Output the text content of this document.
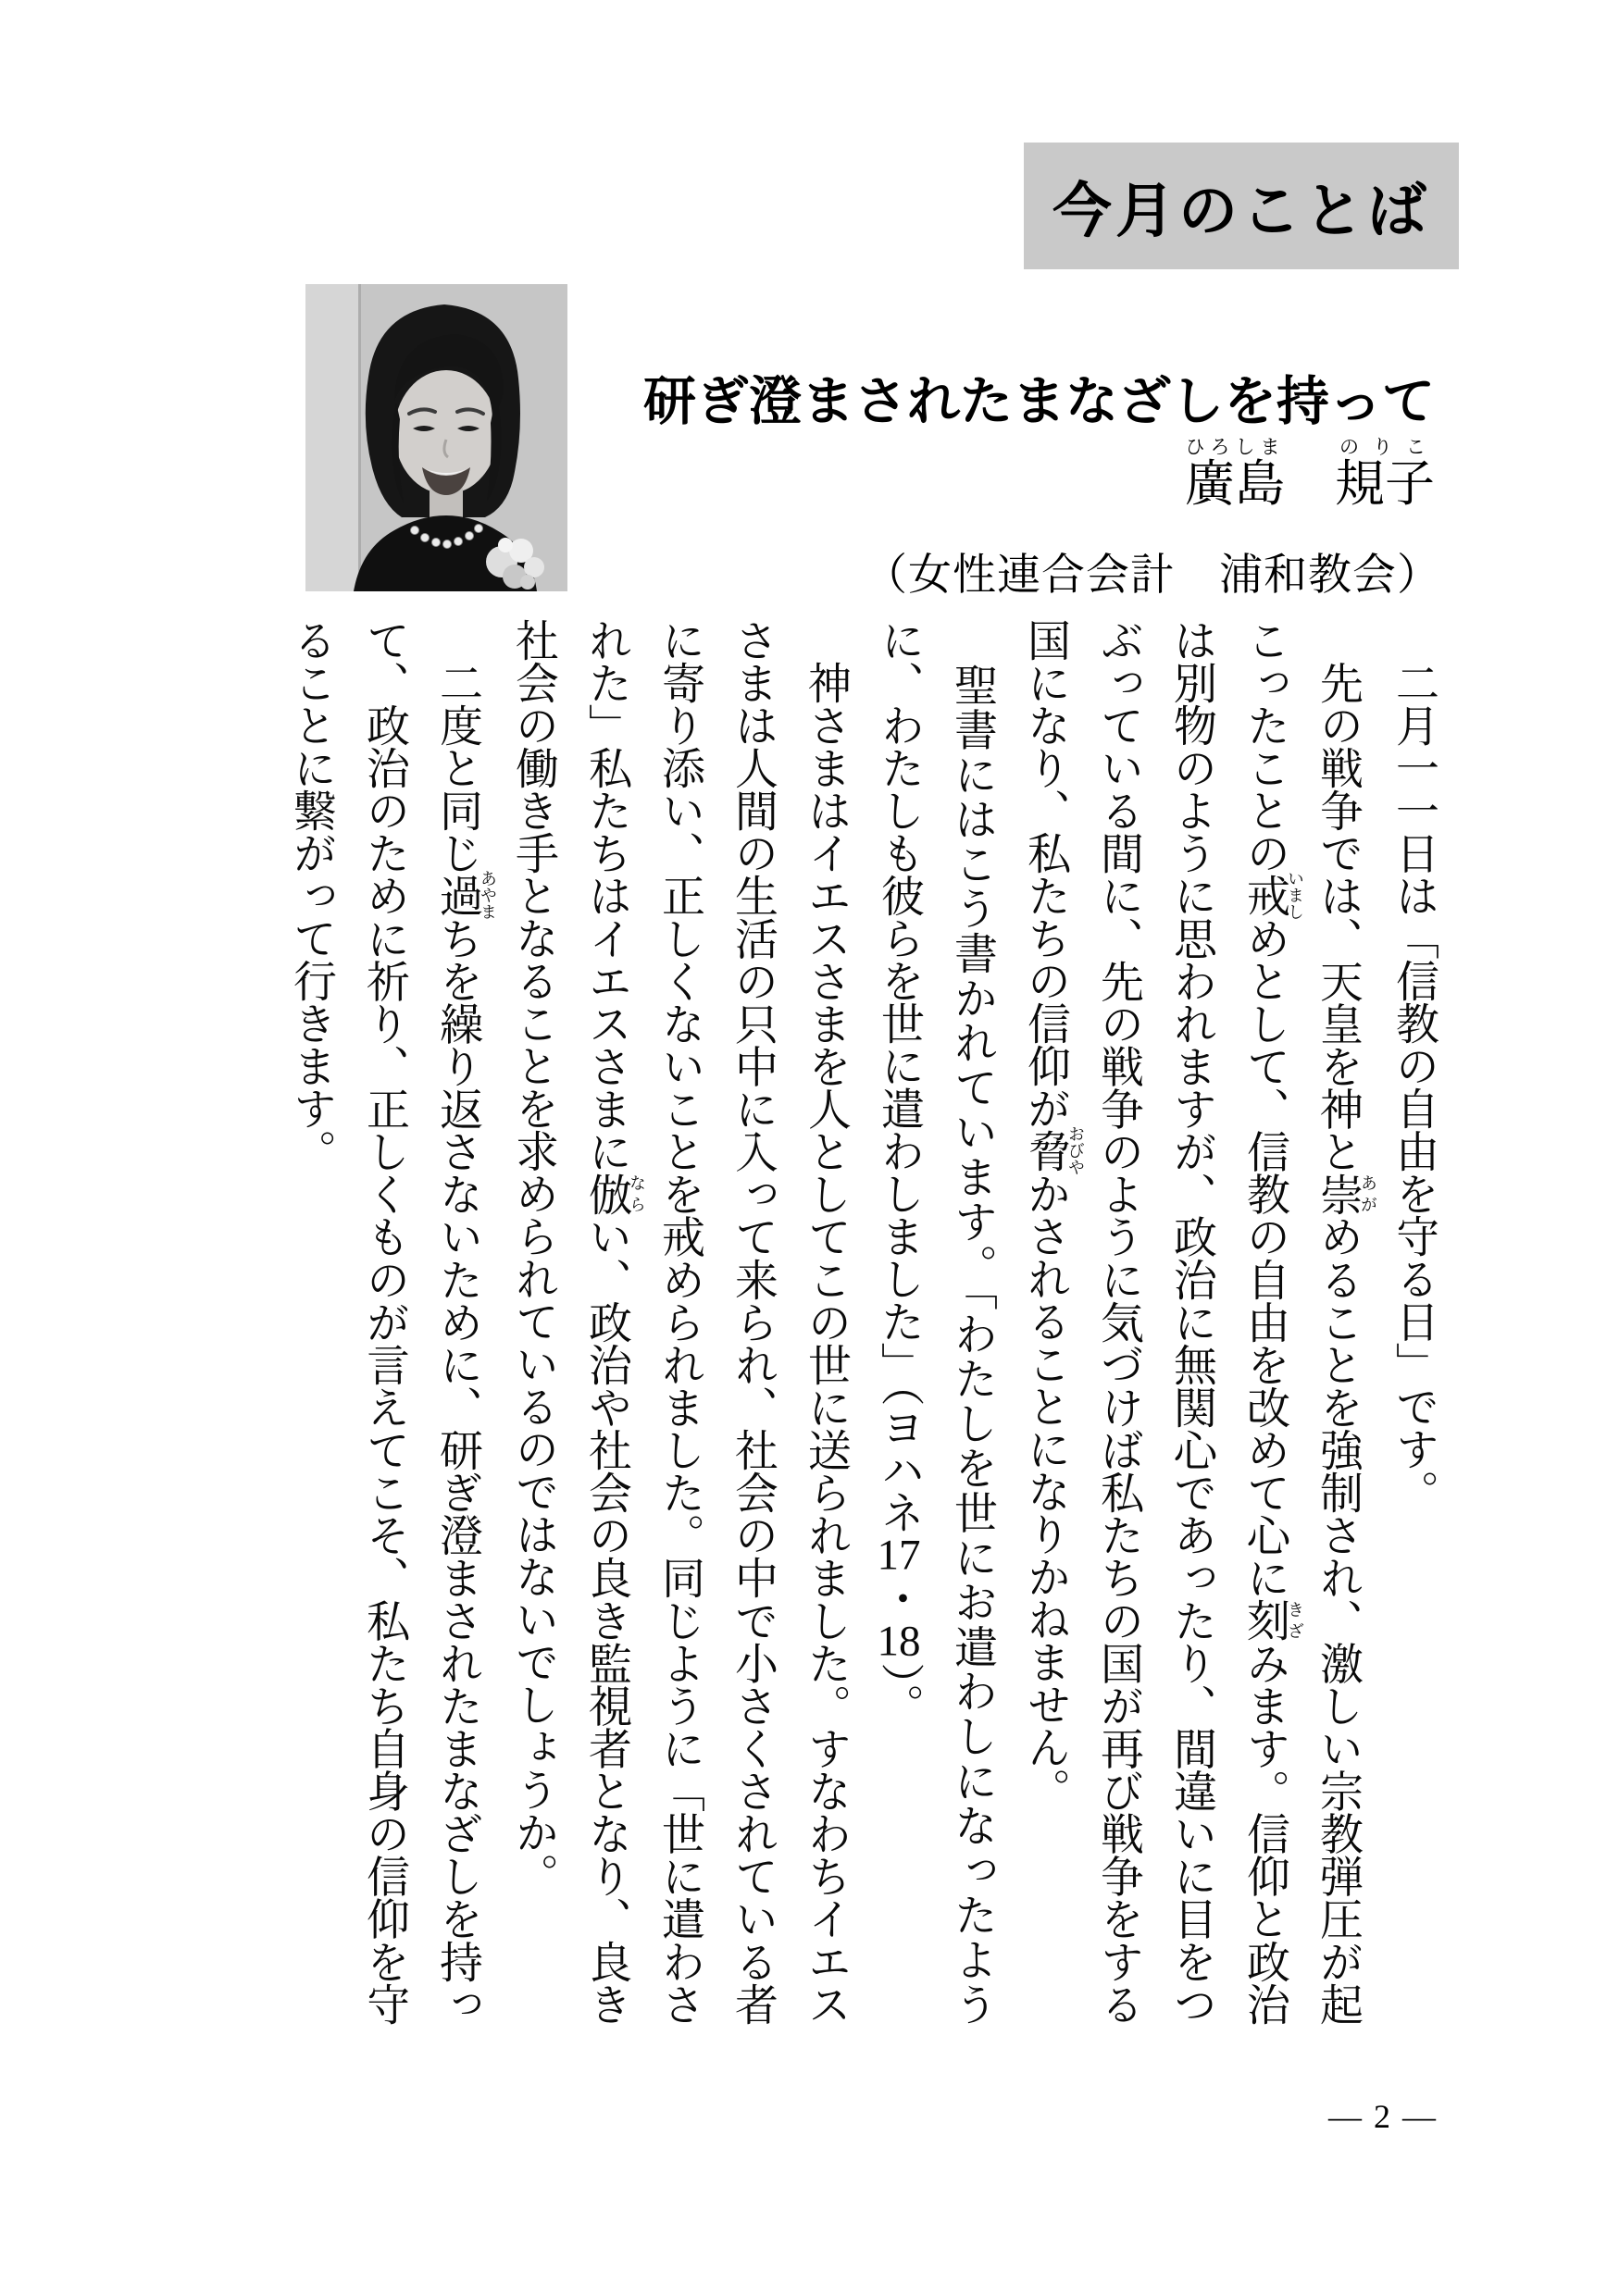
今月のことば
研ぎ澄まされたまなざしを持って
廣島ひろしま規子のりこ
（女性連合会計　浦和教会）

　二月一一日は「信教の自由を守る日」です。

　先の戦争では、天皇を神と崇あがめることを強制され、激しい宗教弾圧が起こったことの戒いましめとして、信教の自由を改めて心に刻きざみます。信仰と政治は別物のように思われますが、政治に無関心であったり、間違いに目をつぶっている間に、先の戦争のように気づけば私たちの国が再び戦争をする国になり、私たちの信仰が脅おびやかされることになりかねません。

　聖書にはこう書かれています。「わたしを世にお遣わしになったように、わたしも彼らを世に遣わしました」（ヨハネ17・18）。

　神さまはイエスさまを人としてこの世に送られました。すなわちイエスさまは人間の生活の只中に入って来られ、社会の中で小さくされている者に寄り添い、正しくないことを戒められました。同じように「世に遣わされた」私たちはイエスさまに倣ならい、政治や社会の良き監視者となり、良き社会の働き手となることを求められているのではないでしょうか。

　二度と同じ過あやまちを繰り返さないために、研ぎ澄まされたまなざしを持って、政治のために祈り、正しくものが言えてこそ、私たち自身の信仰を守ることに繋がって行きます。

— 2 —
